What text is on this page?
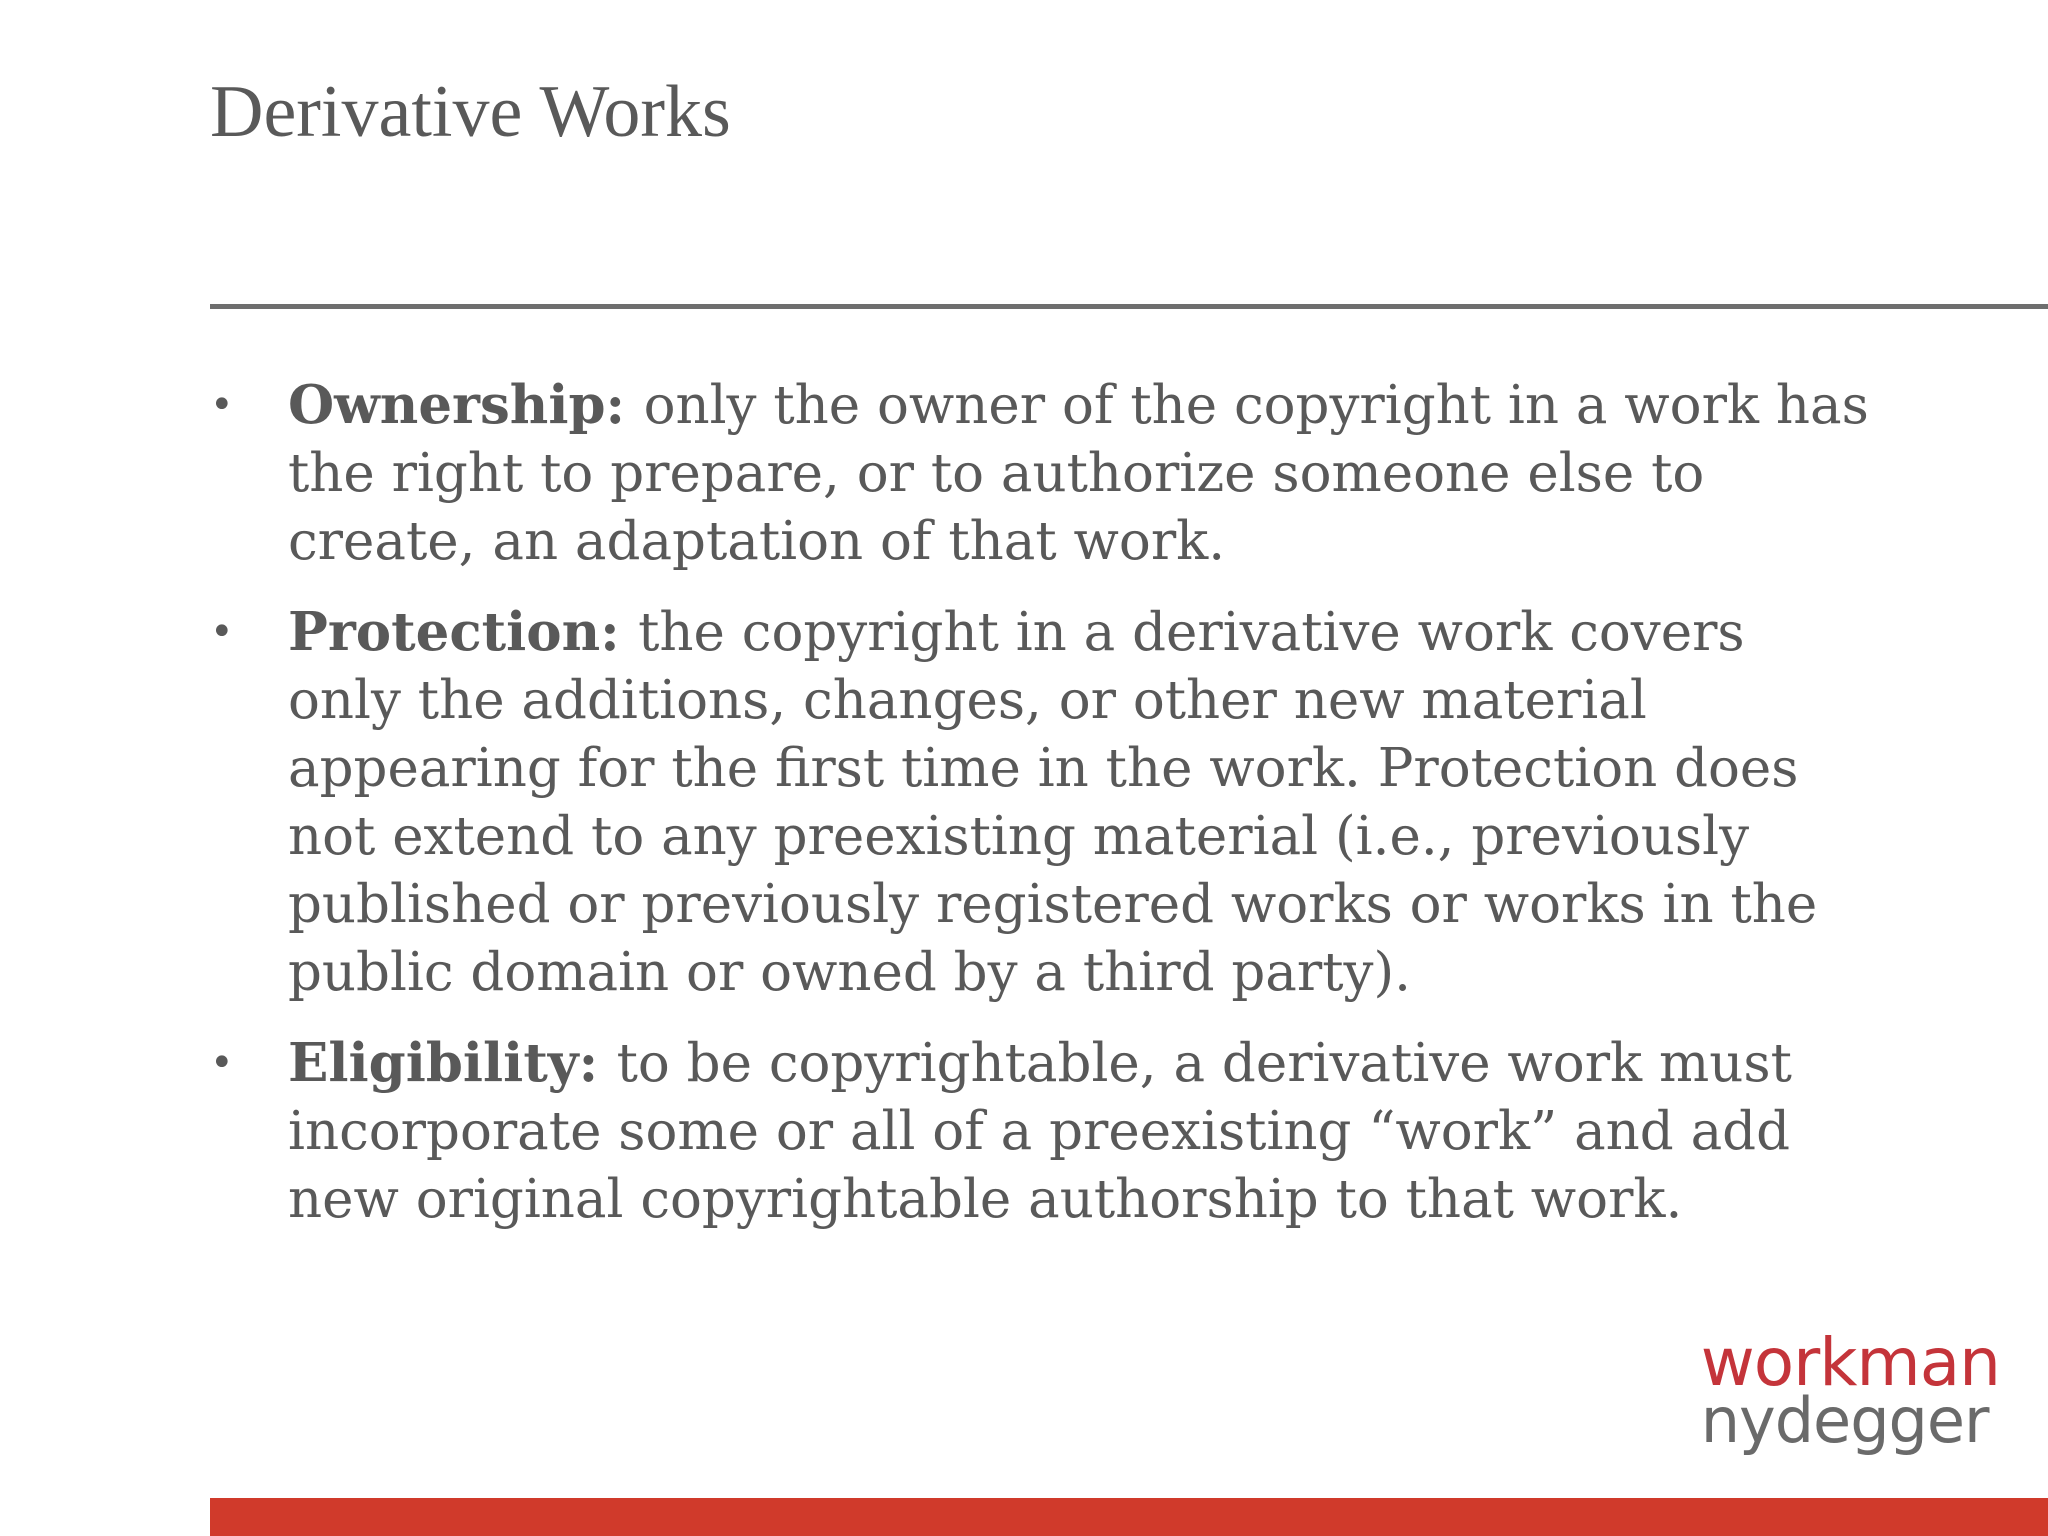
Derivative Works
• Ownership: only the owner of the copyright in a work has the right to prepare, or to authorize someone else to create, an adaptation of that work.
• Protection: the copyright in a derivative work covers only the additions, changes, or other new material appearing for the first time in the work. Protection does not extend to any preexisting material (i.e., previously published or previously registered works or works in the public domain or owned by a third party).
• Eligibility: to be copyrightable, a derivative work must incorporate some or all of a preexisting “work” and add new original copyrightable authorship to that work.
workman
nydegger
